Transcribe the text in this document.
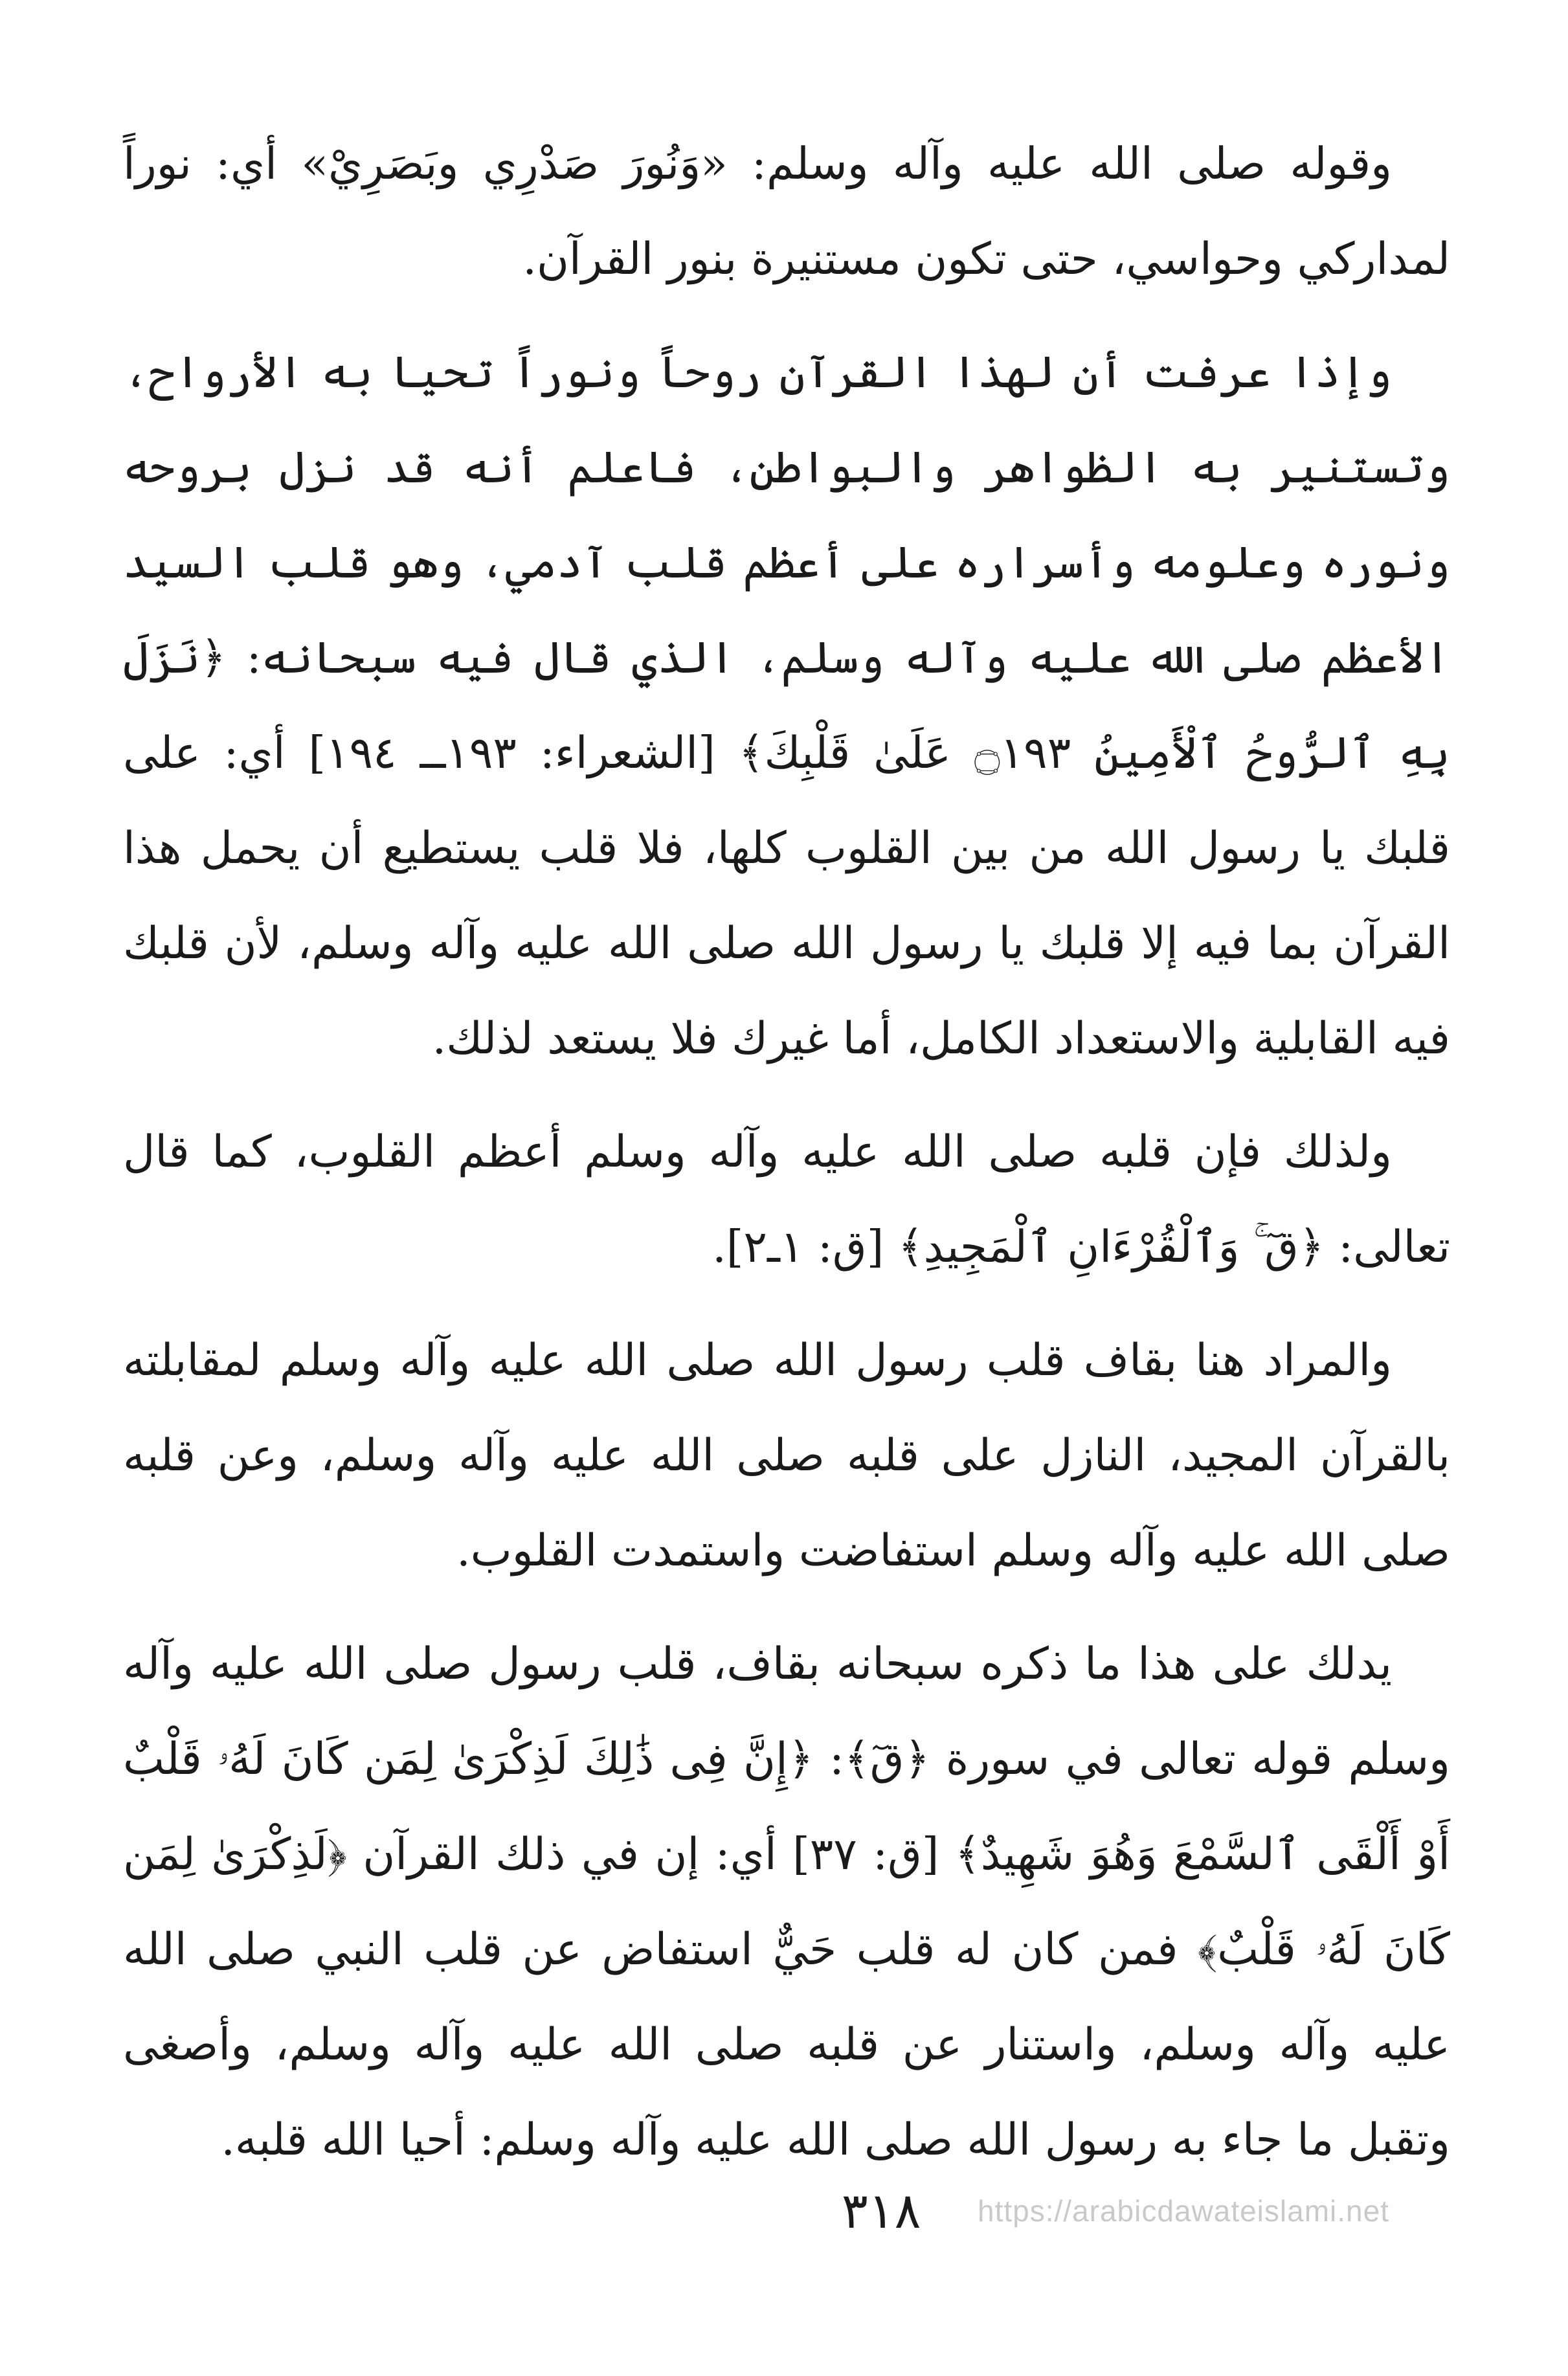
وقوله صلى الله عليه وآله وسلم: «وَنُورَ صَدْرِي وبَصَرِيْ» أي: نوراً لمداركي وحواسي، حتى تكون مستنيرة بنور القرآن.

وإذا عرفت أن لهذا القرآن روحاً ونوراً تحيا به الأرواح، وتستنير به الظواهر والبواطن، فاعلم أنه قد نزل بروحه ونوره وعلومه وأسراره على أعظم قلب آدمي، وهو قلب السيد الأعظم صلى الله عليه وآله وسلم، الذي قال فيه سبحانه: ﴿نَزَلَ بِهِ ٱلرُّوحُ ٱلْأَمِينُ ۝١٩٣ عَلَىٰ قَلْبِكَ﴾ [الشعراء: ١٩٣ــ ١٩٤] أي: على قلبك يا رسول الله من بين القلوب كلها، فلا قلب يستطيع أن يحمل هذا القرآن بما فيه إلا قلبك يا رسول الله صلى الله عليه وآله وسلم، لأن قلبك فيه القابلية والاستعداد الكامل، أما غيرك فلا يستعد لذلك.

ولذلك فإن قلبه صلى الله عليه وآله وسلم أعظم القلوب، كما قال تعالى: ﴿قٓ ۚ وَٱلْقُرْءَانِ ٱلْمَجِيدِ﴾ [ق: ١ـ٢].

والمراد هنا بقاف قلب رسول الله صلى الله عليه وآله وسلم لمقابلته بالقرآن المجيد، النازل على قلبه صلى الله عليه وآله وسلم، وعن قلبه صلى الله عليه وآله وسلم استفاضت واستمدت القلوب.

يدلك على هذا ما ذكره سبحانه بقاف، قلب رسول صلى الله عليه وآله وسلم قوله تعالى في سورة ﴿قٓ﴾: ﴿إِنَّ فِى ذَٰلِكَ لَذِكْرَىٰ لِمَن كَانَ لَهُۥ قَلْبٌ أَوْ أَلْقَى ٱلسَّمْعَ وَهُوَ شَهِيدٌ﴾ [ق: ٣٧] أي: إن في ذلك القرآن ﴿لَذِكْرَىٰ لِمَن كَانَ لَهُۥ قَلْبٌ﴾ فمن كان له قلب حَيٌّ استفاض عن قلب النبي صلى الله عليه وآله وسلم، واستنار عن قلبه صلى الله عليه وآله وسلم، وأصغى وتقبل ما جاء به رسول الله صلى الله عليه وآله وسلم: أحيا الله قلبه.

٣١٨ https://arabicdawateislami.net
